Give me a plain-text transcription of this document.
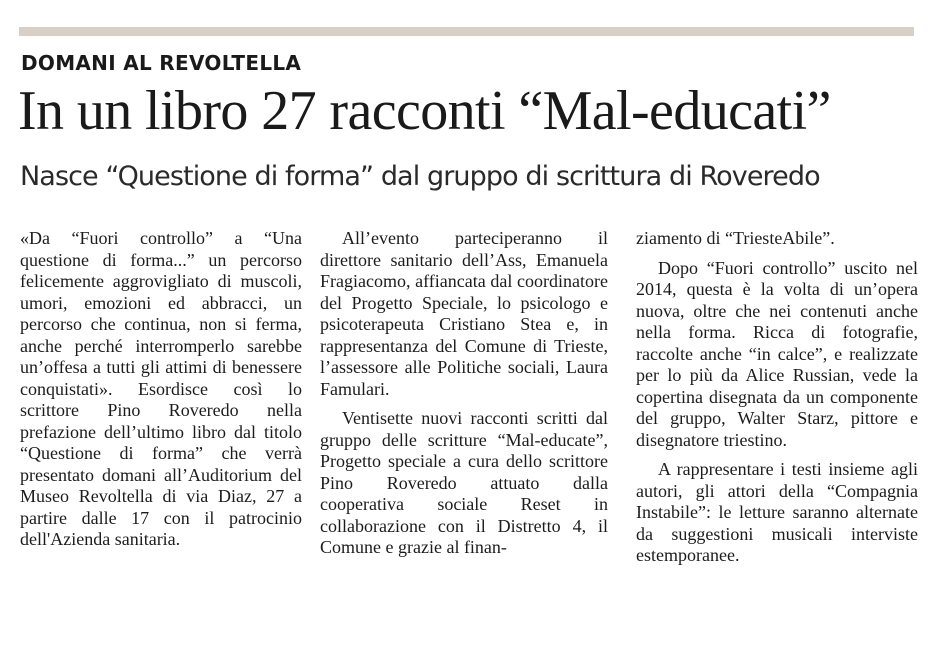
DOMANI AL REVOLTELLA
In un libro 27 racconti “Mal-educati”
Nasce “Questione di forma” dal gruppo di scrittura di Roveredo

«Da “Fuori controllo” a “Una questione di forma...” un percorso felicemente aggrovigliato di muscoli, umori, emozioni ed abbracci, un percorso che continua, non si ferma, anche perché interromperlo sarebbe un’offesa a tutti gli attimi di benessere conquistati». Esordisce così lo scrittore Pino Roveredo nella prefazione dell’ultimo libro dal titolo “Questione di forma” che verrà presentato domani all’Auditorium del Museo Revoltella di via Diaz, 27 a partire dalle 17 con il patrocinio dell'Azienda sanitaria.

All’evento parteciperanno il direttore sanitario dell’Ass, Emanuela Fragiacomo, affiancata dal coordinatore del Progetto Speciale, lo psicologo e psicoterapeuta Cristiano Stea e, in rappresentanza del Comune di Trieste, l’assessore alle Politiche sociali, Laura Famulari.

Ventisette nuovi racconti scritti dal gruppo delle scritture “Mal-educate”, Progetto speciale a cura dello scrittore Pino Roveredo attuato dalla cooperativa sociale Reset in collaborazione con il Distretto 4, il Comune e grazie al finan-

ziamento di “TriesteAbile”.

Dopo “Fuori controllo” uscito nel 2014, questa è la volta di un’opera nuova, oltre che nei contenuti anche nella forma. Ricca di fotografie, raccolte anche “in calce”, e realizzate per lo più da Alice Russian, vede la copertina disegnata da un componente del gruppo, Walter Starz, pittore e disegnatore triestino.

A rappresentare i testi insieme agli autori, gli attori della “Compagnia Instabile”: le letture saranno alternate da suggestioni musicali interviste estemporanee.
